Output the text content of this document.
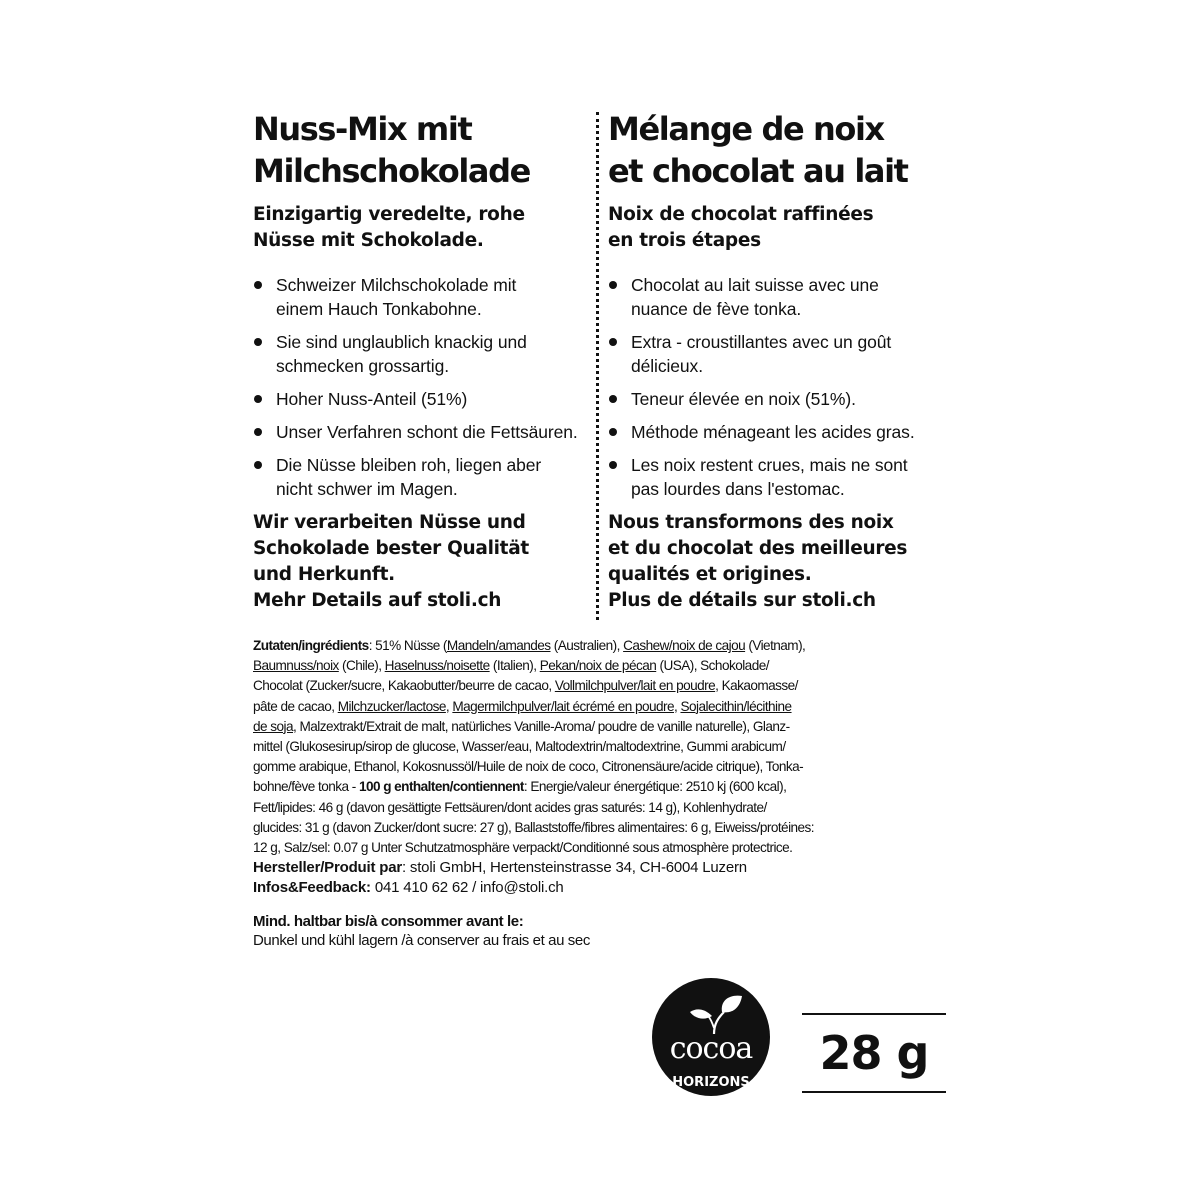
Nuss-Mix mit
Milchschokolade

Einzigartig veredelte, rohe
Nüsse mit Schokolade.

Schweizer Milchschokolade mit
einem Hauch Tonkabohne.
Sie sind unglaublich knackig und
schmecken grossartig.
Hoher Nuss-Anteil (51%)
Unser Verfahren schont die Fettsäuren.
Die Nüsse bleiben roh, liegen aber
nicht schwer im Magen.

Wir verarbeiten Nüsse und
Schokolade bester Qualität
und Herkunft.
Mehr Details auf stoli.ch

Mélange de noix
et chocolat au lait

Noix de chocolat raffinées
en trois étapes

Chocolat au lait suisse avec une
nuance de fève tonka.
Extra - croustillantes avec un goût
délicieux.
Teneur élevée en noix (51%).
Méthode ménageant les acides gras.
Les noix restent crues, mais ne sont
pas lourdes dans l'estomac.

Nous transformons des noix
et du chocolat des meilleures
qualités et origines.
Plus de détails sur stoli.ch

Zutaten/ingrédients: 51% Nüsse (Mandeln/amandes (Australien), Cashew/noix de cajou (Vietnam),
Baumnuss/noix (Chile), Haselnuss/noisette (Italien), Pekan/noix de pécan (USA), Schokolade/
Chocolat (Zucker/sucre, Kakaobutter/beurre de cacao, Vollmilchpulver/lait en poudre, Kakaomasse/
pâte de cacao, Milchzucker/lactose, Magermilchpulver/lait écrémé en poudre, Sojalecithin/lécithine
de soja, Malzextrakt/Extrait de malt, natürliches Vanille-Aroma/ poudre de vanille naturelle), Glanz-
mittel (Glukosesirup/sirop de glucose, Wasser/eau, Maltodextrin/maltodextrine, Gummi arabicum/
gomme arabique, Ethanol, Kokosnussöl/Huile de noix de coco, Citronensäure/acide citrique), Tonka-
bohne/fève tonka - 100 g enthalten/contiennent: Energie/valeur énergétique: 2510 kj (600 kcal),
Fett/lipides: 46 g (davon gesättigte Fettsäuren/dont acides gras saturés: 14 g), Kohlenhydrate/
glucides: 31 g (davon Zucker/dont sucre: 27 g), Ballaststoffe/fibres alimentaires: 6 g, Eiweiss/protéines:
12 g, Salz/sel: 0.07 g Unter Schutzatmosphäre verpackt/Conditionné sous atmosphère protectrice.
Hersteller/Produit par: stoli GmbH, Hertensteinstrasse 34, CH-6004 Luzern
Infos&Feedback: 041 410 62 62 / info@stoli.ch
Mind. haltbar bis/à consommer avant le:
Dunkel und kühl lagern /à conserver au frais et au sec
cocoa
HORIZONS
28 g
